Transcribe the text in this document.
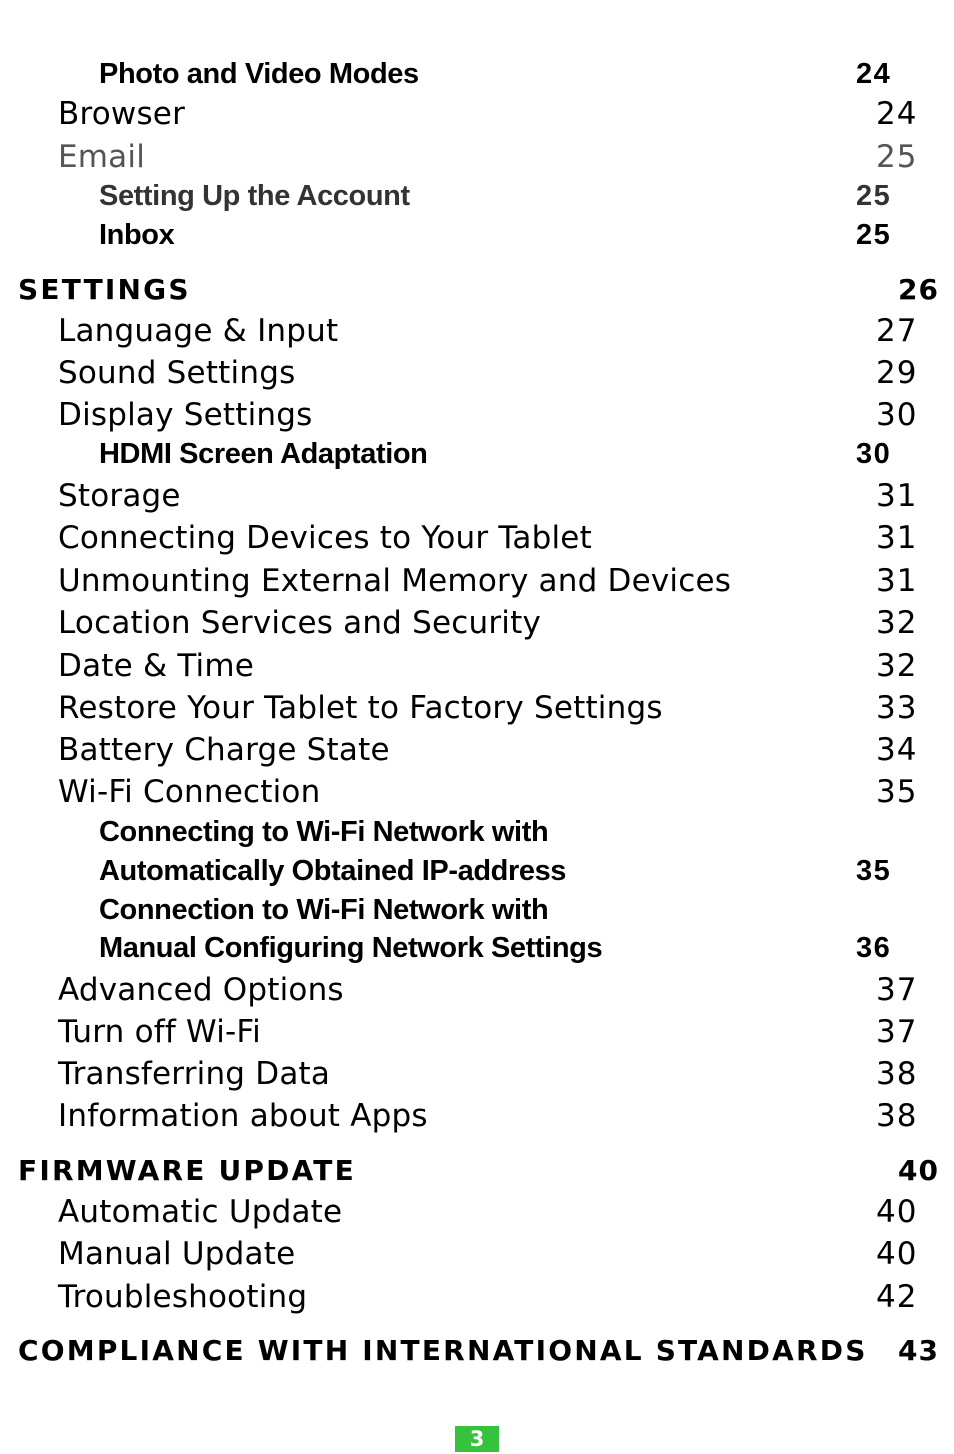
Photo and Video Modes	24
Browser	24
Email	25
Setting Up the Account	25
Inbox	25
SETTINGS	26
Language & Input	27
Sound Settings	29
Display Settings	30
HDMI Screen Adaptation	30
Storage	31
Connecting Devices to Your Tablet	31
Unmounting External Memory and Devices	31
Location Services and Security	32
Date & Time	32
Restore Your Tablet to Factory Settings	33
Battery Charge State	34
Wi-Fi Connection	35
Connecting to Wi-Fi Network with
Automatically Obtained IP-address	35
Connection to Wi-Fi Network with
Manual Configuring Network Settings	36
Advanced Options	37
Turn off Wi-Fi	37
Transferring Data	38
Information about Apps	38
FIRMWARE UPDATE	40
Automatic Update	40
Manual Update	40
Troubleshooting	42
COMPLIANCE WITH INTERNATIONAL STANDARDS 43
3
